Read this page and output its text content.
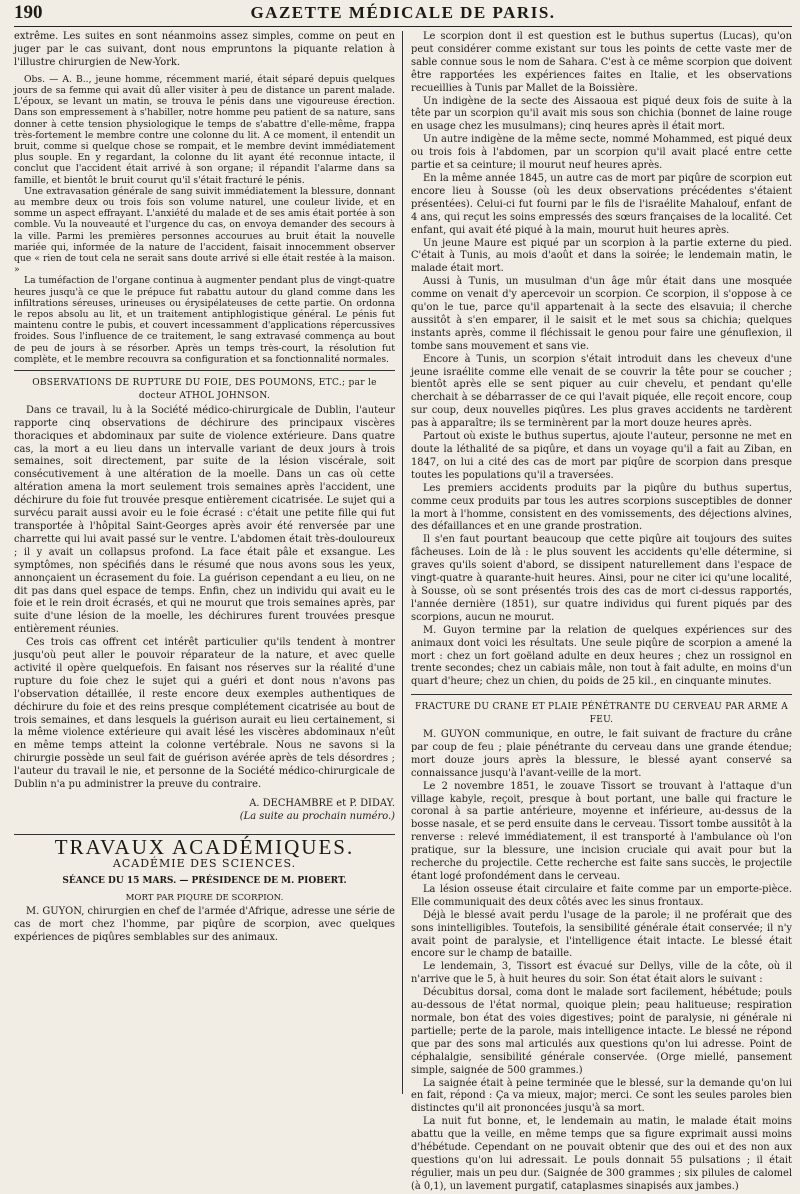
190	GAZETTE MÉDICALE DE PARIS.

extrême. Les suites en sont néanmoins assez simples, comme on peut en juger par le cas suivant, dont nous empruntons la piquante relation à l'illustre chirurgien de New-York.

Obs. — A. B.., jeune homme, récemment marié, était séparé depuis quelques jours de sa femme qui avait dû aller visiter à peu de distance un parent malade. L'époux, se levant un matin, se trouva le pénis dans une vigoureuse érection. Dans son empressement à s'habiller, notre homme peu patient de sa nature, sans donner à cette tension physiologique le temps de s'abattre d'elle-même, frappa très-fortement le membre contre une colonne du lit. A ce moment, il entendit un bruit, comme si quelque chose se rompait, et le membre devint immédiatement plus souple. En y regardant, la colonne du lit ayant été reconnue intacte, il conclut que l'accident était arrivé à son organe; il répandit l'alarme dans sa famille, et bientôt le bruit courut qu'il s'était fracturé le pénis.

Une extravasation générale de sang suivit immédiatement la blessure, donnant au membre deux ou trois fois son volume naturel, une couleur livide, et en somme un aspect effrayant. L'anxiété du malade et de ses amis était portée à son comble. Vu la nouveauté et l'urgence du cas, on envoya demander des secours à la ville. Parmi les premières personnes accourues au bruit était la nouvelle mariée qui, informée de la nature de l'accident, faisait innocemment observer que « rien de tout cela ne serait sans doute arrivé si elle était restée à la maison. »

La tuméfaction de l'organe continua à augmenter pendant plus de vingt-quatre heures jusqu'à ce que le prépuce fut rabattu autour du gland comme dans les infiltrations séreuses, urineuses ou érysipélateuses de cette partie. On ordonna le repos absolu au lit, et un traitement antiphlogistique général. Le pénis fut maintenu contre le pubis, et couvert incessamment d'applications répercussives froides. Sous l'influence de ce traitement, le sang extravasé commença au bout de peu de jours à se résorber. Après un temps très-court, la résolution fut complète, et le membre recouvra sa configuration et sa fonctionnalité normales.

OBSERVATIONS DE RUPTURE DU FOIE, DES POUMONS, ETC.; par le docteur ATHOL JOHNSON.

Dans ce travail, lu à la Société médico-chirurgicale de Dublin, l'auteur rapporte cinq observations de déchirure des principaux viscères thoraciques et abdominaux par suite de violence extérieure. Dans quatre cas, la mort a eu lieu dans un intervalle variant de deux jours à trois semaines, soit directement, par suite de la lésion viscérale, soit consécutivement à une altération de la moelle. Dans un cas où cette altération amena la mort seulement trois semaines après l'accident, une déchirure du foie fut trouvée presque entièrement cicatrisée. Le sujet qui a survécu parait aussi avoir eu le foie écrasé : c'était une petite fille qui fut transportée à l'hôpital Saint-Georges après avoir été renversée par une charrette qui lui avait passé sur le ventre. L'abdomen était très-douloureux ; il y avait un collapsus profond. La face était pâle et exsangue. Les symptômes, non spécifiés dans le résumé que nous avons sous les yeux, annonçaient un écrasement du foie. La guérison cependant a eu lieu, on ne dit pas dans quel espace de temps. Enfin, chez un individu qui avait eu le foie et le rein droit écrasés, et qui ne mourut que trois semaines après, par suite d'une lésion de la moelle, les déchirures furent trouvées presque entièrement réunies.

Ces trois cas offrent cet intérêt particulier qu'ils tendent à montrer jusqu'où peut aller le pouvoir réparateur de la nature, et avec quelle activité il opère quelquefois. En faisant nos réserves sur la réalité d'une rupture du foie chez le sujet qui a guéri et dont nous n'avons pas l'observation détaillée, il reste encore deux exemples authentiques de déchirure du foie et des reins presque complétement cicatrisée au bout de trois semaines, et dans lesquels la guérison aurait eu lieu certainement, si la même violence extérieure qui avait lésé les viscères abdominaux n'eût en même temps atteint la colonne vertébrale. Nous ne savons si la chirurgie possède un seul fait de guérison avérée après de tels désordres ; l'auteur du travail le nie, et personne de la Société médico-chirurgicale de Dublin n'a pu administrer la preuve du contraire.

A. DECHAMBRE et P. DIDAY.
(La suite au prochain numéro.)
TRAVAUX ACADÉMIQUES.
ACADÉMIE DES SCIENCES.
SÉANCE DU 15 MARS. — PRÉSIDENCE DE M. PIOBERT.
MORT PAR PIQURE DE SCORPION.

M. GUYON, chirurgien en chef de l'armée d'Afrique, adresse une série de cas de mort chez l'homme, par piqûre de scorpion, avec quelques expériences de piqûres semblables sur des animaux.

Le scorpion dont il est question est le buthus supertus (Lucas), qu'on peut considérer comme existant sur tous les points de cette vaste mer de sable connue sous le nom de Sahara. C'est à ce même scorpion que doivent être rapportées les expériences faites en Italie, et les observations recueillies à Tunis par Mallet de la Boissière.

Un indigène de la secte des Aissaoua est piqué deux fois de suite à la tête par un scorpion qu'il avait mis sous son chichia (bonnet de laine rouge en usage chez les musulmans); cinq heures après il était mort.

Un autre indigène de la même secte, nommé Mohammed, est piqué deux ou trois fois à l'abdomen, par un scorpion qu'il avait placé entre cette partie et sa ceinture; il mourut neuf heures après.

En la même année 1845, un autre cas de mort par piqûre de scorpion eut encore lieu à Sousse (où les deux observations précédentes s'étaient présentées). Celui-ci fut fourni par le fils de l'israélite Mahalouf, enfant de 4 ans, qui reçut les soins empressés des sœurs françaises de la localité. Cet enfant, qui avait été piqué à la main, mourut huit heures après.

Un jeune Maure est piqué par un scorpion à la partie externe du pied. C'était à Tunis, au mois d'août et dans la soirée; le lendemain matin, le malade était mort.

Aussi à Tunis, un musulman d'un âge mûr était dans une mosquée comme on venait d'y apercevoir un scorpion. Ce scorpion, il s'oppose à ce qu'on le tue, parce qu'il appartenait à la secte des elsavuia; il cherche aussitôt à s'en emparer, il le saisit et le met sous sa chichia; quelques instants après, comme il fléchissait le genou pour faire une génuflexion, il tombe sans mouvement et sans vie.

Encore à Tunis, un scorpion s'était introduit dans les cheveux d'une jeune israélite comme elle venait de se couvrir la tête pour se coucher ; bientôt après elle se sent piquer au cuir chevelu, et pendant qu'elle cherchait à se débarrasser de ce qui l'avait piquée, elle reçoit encore, coup sur coup, deux nouvelles piqûres. Les plus graves accidents ne tardèrent pas à apparaître; ils se terminèrent par la mort douze heures après.

Partout où existe le buthus supertus, ajoute l'auteur, personne ne met en doute la léthalité de sa piqûre, et dans un voyage qu'il a fait au Ziban, en 1847, on lui a cité des cas de mort par piqûre de scorpion dans presque toutes les populations qu'il a traversées.

Les premiers accidents produits par la piqûre du buthus supertus, comme ceux produits par tous les autres scorpions susceptibles de donner la mort à l'homme, consistent en des vomissements, des déjections alvines, des défaillances et en une grande prostration.

Il s'en faut pourtant beaucoup que cette piqûre ait toujours des suites fâcheuses. Loin de là : le plus souvent les accidents qu'elle détermine, si graves qu'ils soient d'abord, se dissipent naturellement dans l'espace de vingt-quatre à quarante-huit heures. Ainsi, pour ne citer ici qu'une localité, à Sousse, où se sont présentés trois des cas de mort ci-dessus rapportés, l'année dernière (1851), sur quatre individus qui furent piqués par des scorpions, aucun ne mourut.

M. Guyon termine par la relation de quelques expériences sur des animaux dont voici les résultats. Une seule piqûre de scorpion a amené la mort : chez un fort goëland adulte en deux heures ; chez un rossignol en trente secondes; chez un cabiais mâle, non tout à fait adulte, en moins d'un quart d'heure; chez un chien, du poids de 25 kil., en cinquante minutes.

FRACTURE DU CRANE ET PLAIE PÉNÉTRANTE DU CERVEAU PAR ARME A FEU.

M. GUYON communique, en outre, le fait suivant de fracture du crâne par coup de feu ; plaie pénétrante du cerveau dans une grande étendue; mort douze jours après la blessure, le blessé ayant conservé sa connaissance jusqu'à l'avant-veille de la mort.

Le 2 novembre 1851, le zouave Tissort se trouvant à l'attaque d'un village kabyle, reçoit, presque à bout portant, une balle qui fracture le coronal à sa partie antérieure, moyenne et inférieure, au-dessus de la bosse nasale, et se perd ensuite dans le cerveau. Tissort tombe aussitôt à la renverse : relevé immédiatement, il est transporté à l'ambulance où l'on pratique, sur la blessure, une incision cruciale qui avait pour but la recherche du projectile. Cette recherche est faite sans succès, le projectile étant logé profondément dans le cerveau.

La lésion osseuse était circulaire et faite comme par un emporte-pièce. Elle communiquait des deux côtés avec les sinus frontaux.

Déjà le blessé avait perdu l'usage de la parole; il ne proférait que des sons inintelligibles. Toutefois, la sensibilité générale était conservée; il n'y avait point de paralysie, et l'intelligence était intacte. Le blessé était encore sur le champ de bataille.

Le lendemain, 3, Tissort est évacué sur Dellys, ville de la côte, où il n'arrive que le 5, à huit heures du soir. Son état était alors le suivant :

Décubitus dorsal, coma dont le malade sort facilement, hébétude; pouls au-dessous de l'état normal, quoique plein; peau halitueuse; respiration normale, bon état des voies digestives; point de paralysie, ni générale ni partielle; perte de la parole, mais intelligence intacte. Le blessé ne répond que par des sons mal articulés aux questions qu'on lui adresse. Point de céphalalgie, sensibilité générale conservée. (Orge miellé, pansement simple, saignée de 500 grammes.)

La saignée était à peine terminée que le blessé, sur la demande qu'on lui en fait, répond : Ça va mieux, major; merci. Ce sont les seules paroles bien distinctes qu'il ait prononcées jusqu'à sa mort.

La nuit fut bonne, et, le lendemain au matin, le malade était moins abattu que la veille, en même temps que sa figure exprimait aussi moins d'hébétude. Cependant on ne pouvait obtenir que des oui et des non aux questions qu'on lui adressait. Le pouls donnait 55 pulsations ; il était régulier, mais un peu dur. (Saignée de 300 grammes ; six pilules de calomel (à 0,1), un lavement purgatif, cataplasmes sinapisés aux jambes.)
